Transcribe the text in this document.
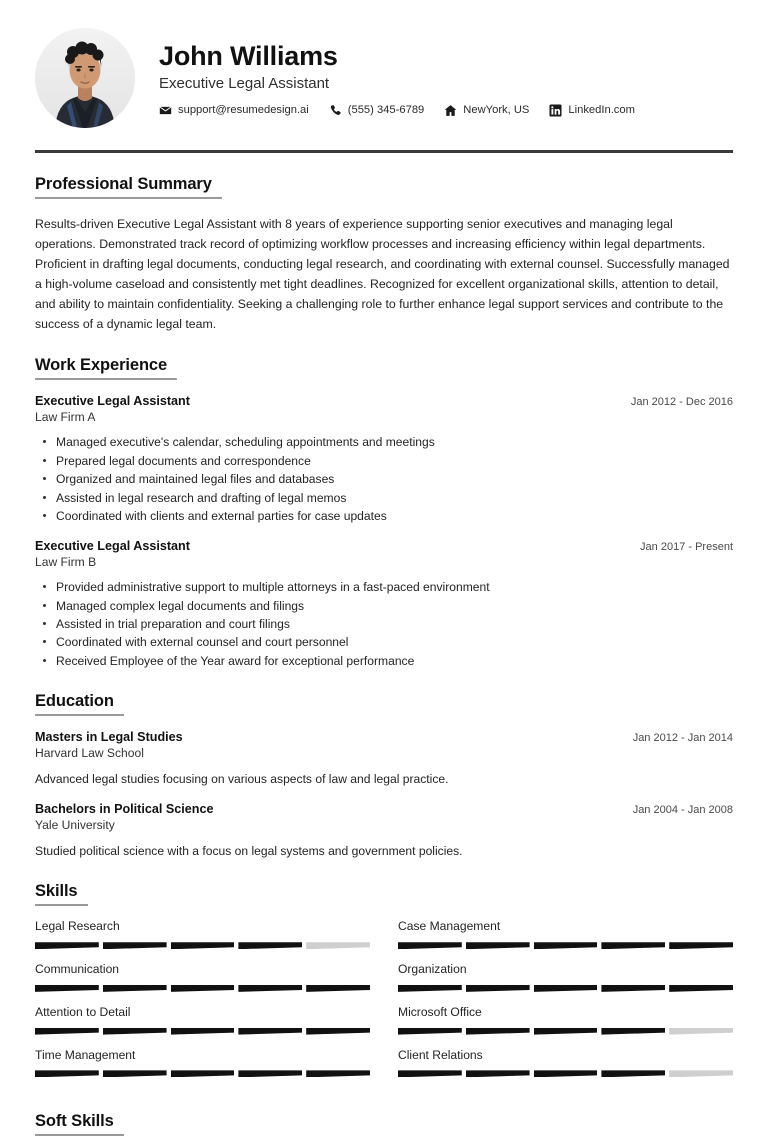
John Williams
Executive Legal Assistant
support@resumedesign.ai	(555) 345-6789	NewYork, US	LinkedIn.com
Professional Summary

Results-driven Executive Legal Assistant with 8 years of experience supporting senior executives and managing legal operations. Demonstrated track record of optimizing workflow processes and increasing efficiency within legal departments. Proficient in drafting legal documents, conducting legal research, and coordinating with external counsel. Successfully managed a high-volume caseload and consistently met tight deadlines. Recognized for excellent organizational skills, attention to detail, and ability to maintain confidentiality. Seeking a challenging role to further enhance legal support services and contribute to the success of a dynamic legal team.

Work Experience
Executive Legal Assistant	Jan 2012 - Dec 2016
Law Firm A
Managed executive's calendar, scheduling appointments and meetings
Prepared legal documents and correspondence
Organized and maintained legal files and databases
Assisted in legal research and drafting of legal memos
Coordinated with clients and external parties for case updates
Executive Legal Assistant	Jan 2017 - Present
Law Firm B
Provided administrative support to multiple attorneys in a fast-paced environment
Managed complex legal documents and filings
Assisted in trial preparation and court filings
Coordinated with external counsel and court personnel
Received Employee of the Year award for exceptional performance
Education
Masters in Legal Studies	Jan 2012 - Jan 2014
Harvard Law School

Advanced legal studies focusing on various aspects of law and legal practice.

Bachelors in Political Science	Jan 2004 - Jan 2008
Yale University

Studied political science with a focus on legal systems and government policies.

Skills
Legal Research	Case Management
Communication	Organization
Attention to Detail	Microsoft Office
Time Management	Client Relations
Soft Skills
